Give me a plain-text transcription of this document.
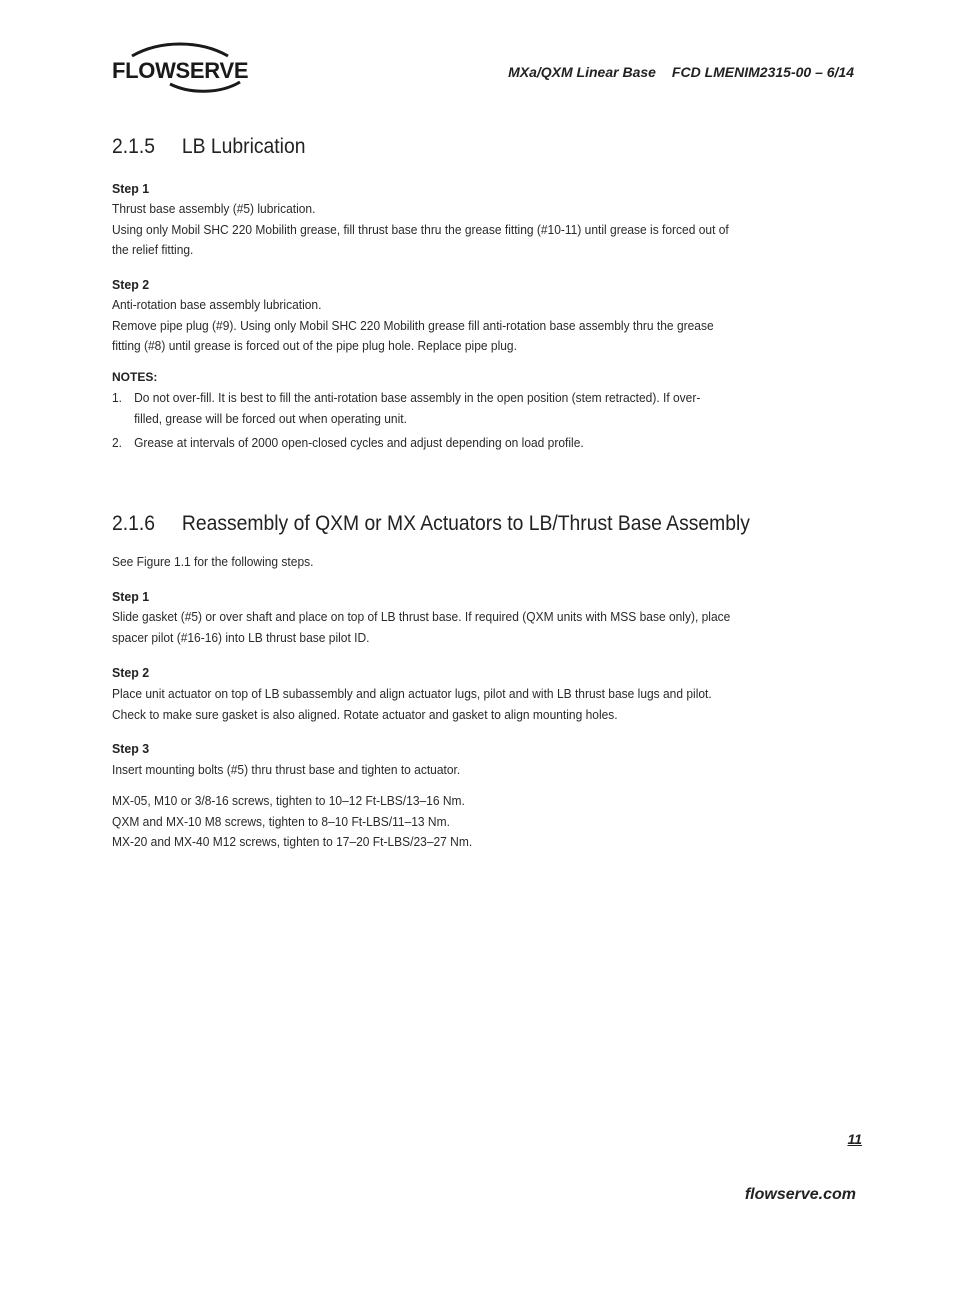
FLOWSERVE	MXa/QXM Linear Base FCD LMENIM2315-00 – 6/14
2.1.5 LB Lubrication
Step 1

Thrust base assembly (#5) lubrication.

Using only Mobil SHC 220 Mobilith grease, fill thrust base thru the grease fitting (#10-11) until grease is forced out of the relief fitting.

Step 2

Anti-rotation base assembly lubrication.

Remove pipe plug (#9). Using only Mobil SHC 220 Mobilith grease fill anti-rotation base assembly thru the grease fitting (#8) until grease is forced out of the pipe plug hole. Replace pipe plug.

NOTES:
1. Do not over-fill. It is best to fill the anti-rotation base assembly in the open position (stem retracted). If over-filled, grease will be forced out when operating unit.
2. Grease at intervals of 2000 open-closed cycles and adjust depending on load profile.
2.1.6 Reassembly of QXM or MX Actuators to LB/Thrust Base Assembly

See Figure 1.1 for the following steps.

Step 1

Slide gasket (#5) or over shaft and place on top of LB thrust base. If required (QXM units with MSS base only), place spacer pilot (#16-16) into LB thrust base pilot ID.

Step 2

Place unit actuator on top of LB subassembly and align actuator lugs, pilot and with LB thrust base lugs and pilot. Check to make sure gasket is also aligned. Rotate actuator and gasket to align mounting holes.

Step 3

Insert mounting bolts (#5) thru thrust base and tighten to actuator.

MX-05, M10 or 3/8-16 screws, tighten to 10–12 Ft-LBS/13–16 Nm.

QXM and MX-10 M8 screws, tighten to 8–10 Ft-LBS/11–13 Nm.

MX-20 and MX-40 M12 screws, tighten to 17–20 Ft-LBS/23–27 Nm.

11
flowserve.com
